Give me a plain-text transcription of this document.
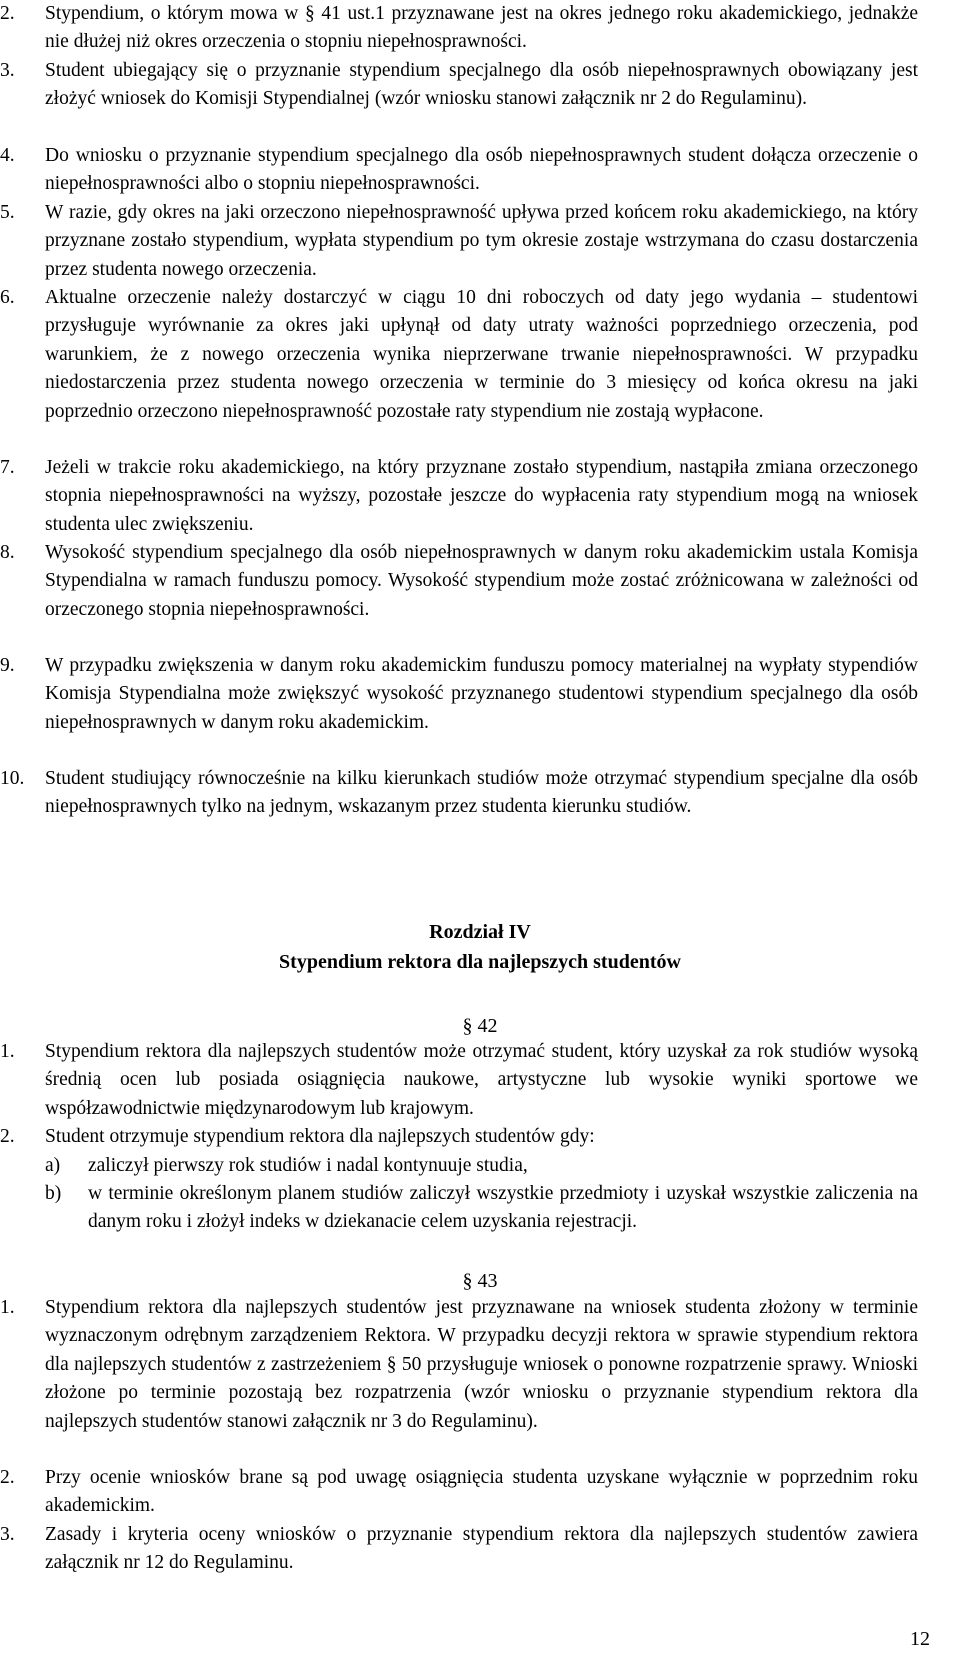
2. Stypendium, o którym mowa w § 41 ust.1 przyznawane jest na okres jednego roku akademickiego, jednakże nie dłużej niż okres orzeczenia o stopniu niepełnosprawności.
3. Student ubiegający się o przyznanie stypendium specjalnego dla osób niepełnosprawnych obowiązany jest złożyć wniosek do Komisji Stypendialnej (wzór wniosku stanowi załącznik nr 2 do Regulaminu).
4. Do wniosku o przyznanie stypendium specjalnego dla osób niepełnosprawnych student dołącza orzeczenie o niepełnosprawności albo o stopniu niepełnosprawności.
5. W razie, gdy okres na jaki orzeczono niepełnosprawność upływa przed końcem roku akademickiego, na który przyznane zostało stypendium, wypłata stypendium po tym okresie zostaje wstrzymana do czasu dostarczenia przez studenta nowego orzeczenia.
6. Aktualne orzeczenie należy dostarczyć w ciągu 10 dni roboczych od daty jego wydania – studentowi przysługuje wyrównanie za okres jaki upłynął od daty utraty ważności poprzedniego orzeczenia, pod warunkiem, że z nowego orzeczenia wynika nieprzerwane trwanie niepełnosprawności. W przypadku niedostarczenia przez studenta nowego orzeczenia w terminie do 3 miesięcy od końca okresu na jaki poprzednio orzeczono niepełnosprawność pozostałe raty stypendium nie zostają wypłacone.
7. Jeżeli w trakcie roku akademickiego, na który przyznane zostało stypendium, nastąpiła zmiana orzeczonego stopnia niepełnosprawności na wyższy, pozostałe jeszcze do wypłacenia raty stypendium mogą na wniosek studenta ulec zwiększeniu.
8. Wysokość stypendium specjalnego dla osób niepełnosprawnych w danym roku akademickim ustala Komisja Stypendialna w ramach funduszu pomocy. Wysokość stypendium może zostać zróżnicowana w zależności od orzeczonego stopnia niepełnosprawności.
9. W przypadku zwiększenia w danym roku akademickim funduszu pomocy materialnej na wypłaty stypendiów Komisja Stypendialna może zwiększyć wysokość przyznanego studentowi stypendium specjalnego dla osób niepełnosprawnych w danym roku akademickim.
10. Student studiujący równocześnie na kilku kierunkach studiów może otrzymać stypendium specjalne dla osób niepełnosprawnych tylko na jednym, wskazanym przez studenta kierunku studiów.
Rozdział IV
Stypendium rektora dla najlepszych studentów
§ 42
1. Stypendium rektora dla najlepszych studentów może otrzymać student, który uzyskał za rok studiów wysoką średnią ocen lub posiada osiągnięcia naukowe, artystyczne lub wysokie wyniki sportowe we współzawodnictwie międzynarodowym lub krajowym.
2. Student otrzymuje stypendium rektora dla najlepszych studentów gdy:
a) zaliczył pierwszy rok studiów i nadal kontynuuje studia,
b) w terminie określonym planem studiów zaliczył wszystkie przedmioty i uzyskał wszystkie zaliczenia na danym roku i złożył indeks w dziekanacie celem uzyskania rejestracji.
§ 43
1. Stypendium rektora dla najlepszych studentów jest przyznawane na wniosek studenta złożony w terminie wyznaczonym odrębnym zarządzeniem Rektora. W przypadku decyzji rektora w sprawie stypendium rektora dla najlepszych studentów z zastrzeżeniem § 50 przysługuje wniosek o ponowne rozpatrzenie sprawy. Wnioski złożone po terminie pozostają bez rozpatrzenia (wzór wniosku o przyznanie stypendium rektora dla najlepszych studentów stanowi załącznik nr 3 do Regulaminu).
2. Przy ocenie wniosków brane są pod uwagę osiągnięcia studenta uzyskane wyłącznie w poprzednim roku akademickim.
3. Zasady i kryteria oceny wniosków o przyznanie stypendium rektora dla najlepszych studentów zawiera załącznik nr 12 do Regulaminu.
12
